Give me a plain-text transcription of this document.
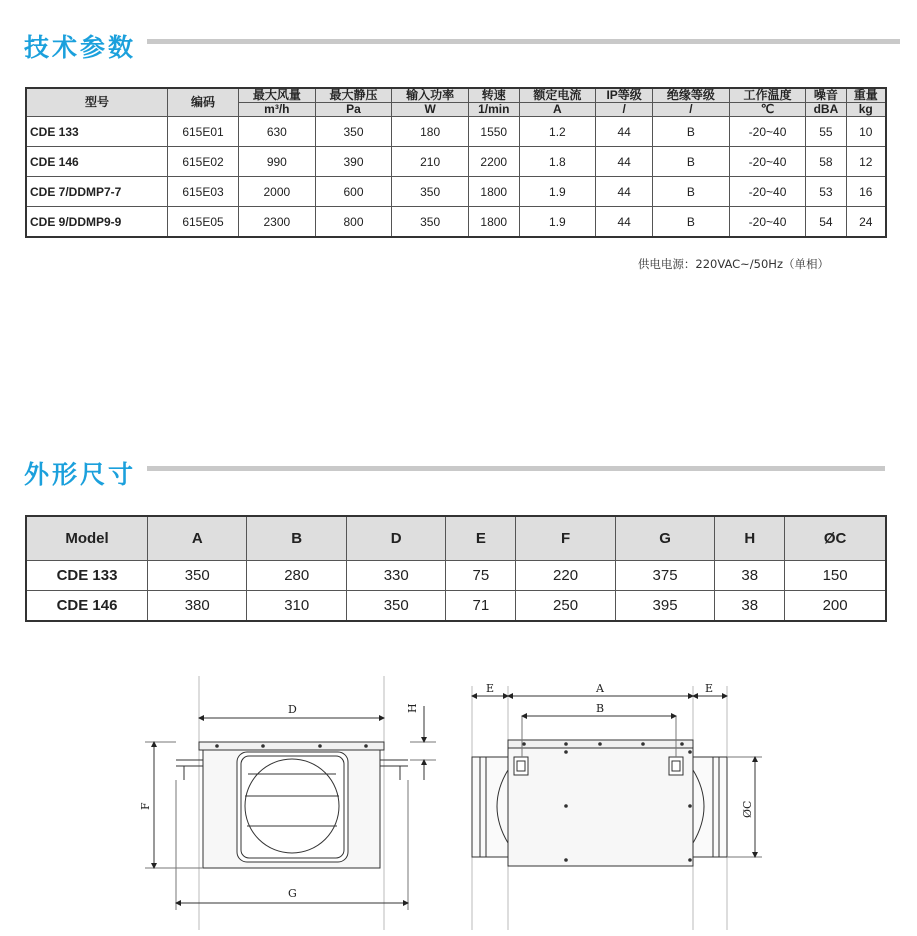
技术参数
型号	编码	最大风量	最大静压	输入功率	转速	额定电流	IP等级	绝缘等级	工作温度	噪音	重量
		m³/h	Pa	W	1/min	A	/	/	℃	dBA	kg
CDE 133	615E01	630	350	180	1550	1.2	44	B	-20~40	55	10
CDE 146	615E02	990	390	210	2200	1.8	44	B	-20~40	58	12
CDE 7/DDMP7-7	615E03	2000	600	350	1800	1.9	44	B	-20~40	53	16
CDE 9/DDMP9-9	615E05	2300	800	350	1800	1.9	44	B	-20~40	54	24
供电电源：220VAC~/50Hz（单相）
外形尺寸
Model	A	B	D	E	F	G	H	ØC
CDE 133	350	280	330	75	220	375	38	150
CDE 146	380	310	350	71	250	395	38	200
D	H
F
G
E	A	E
B
ØC
